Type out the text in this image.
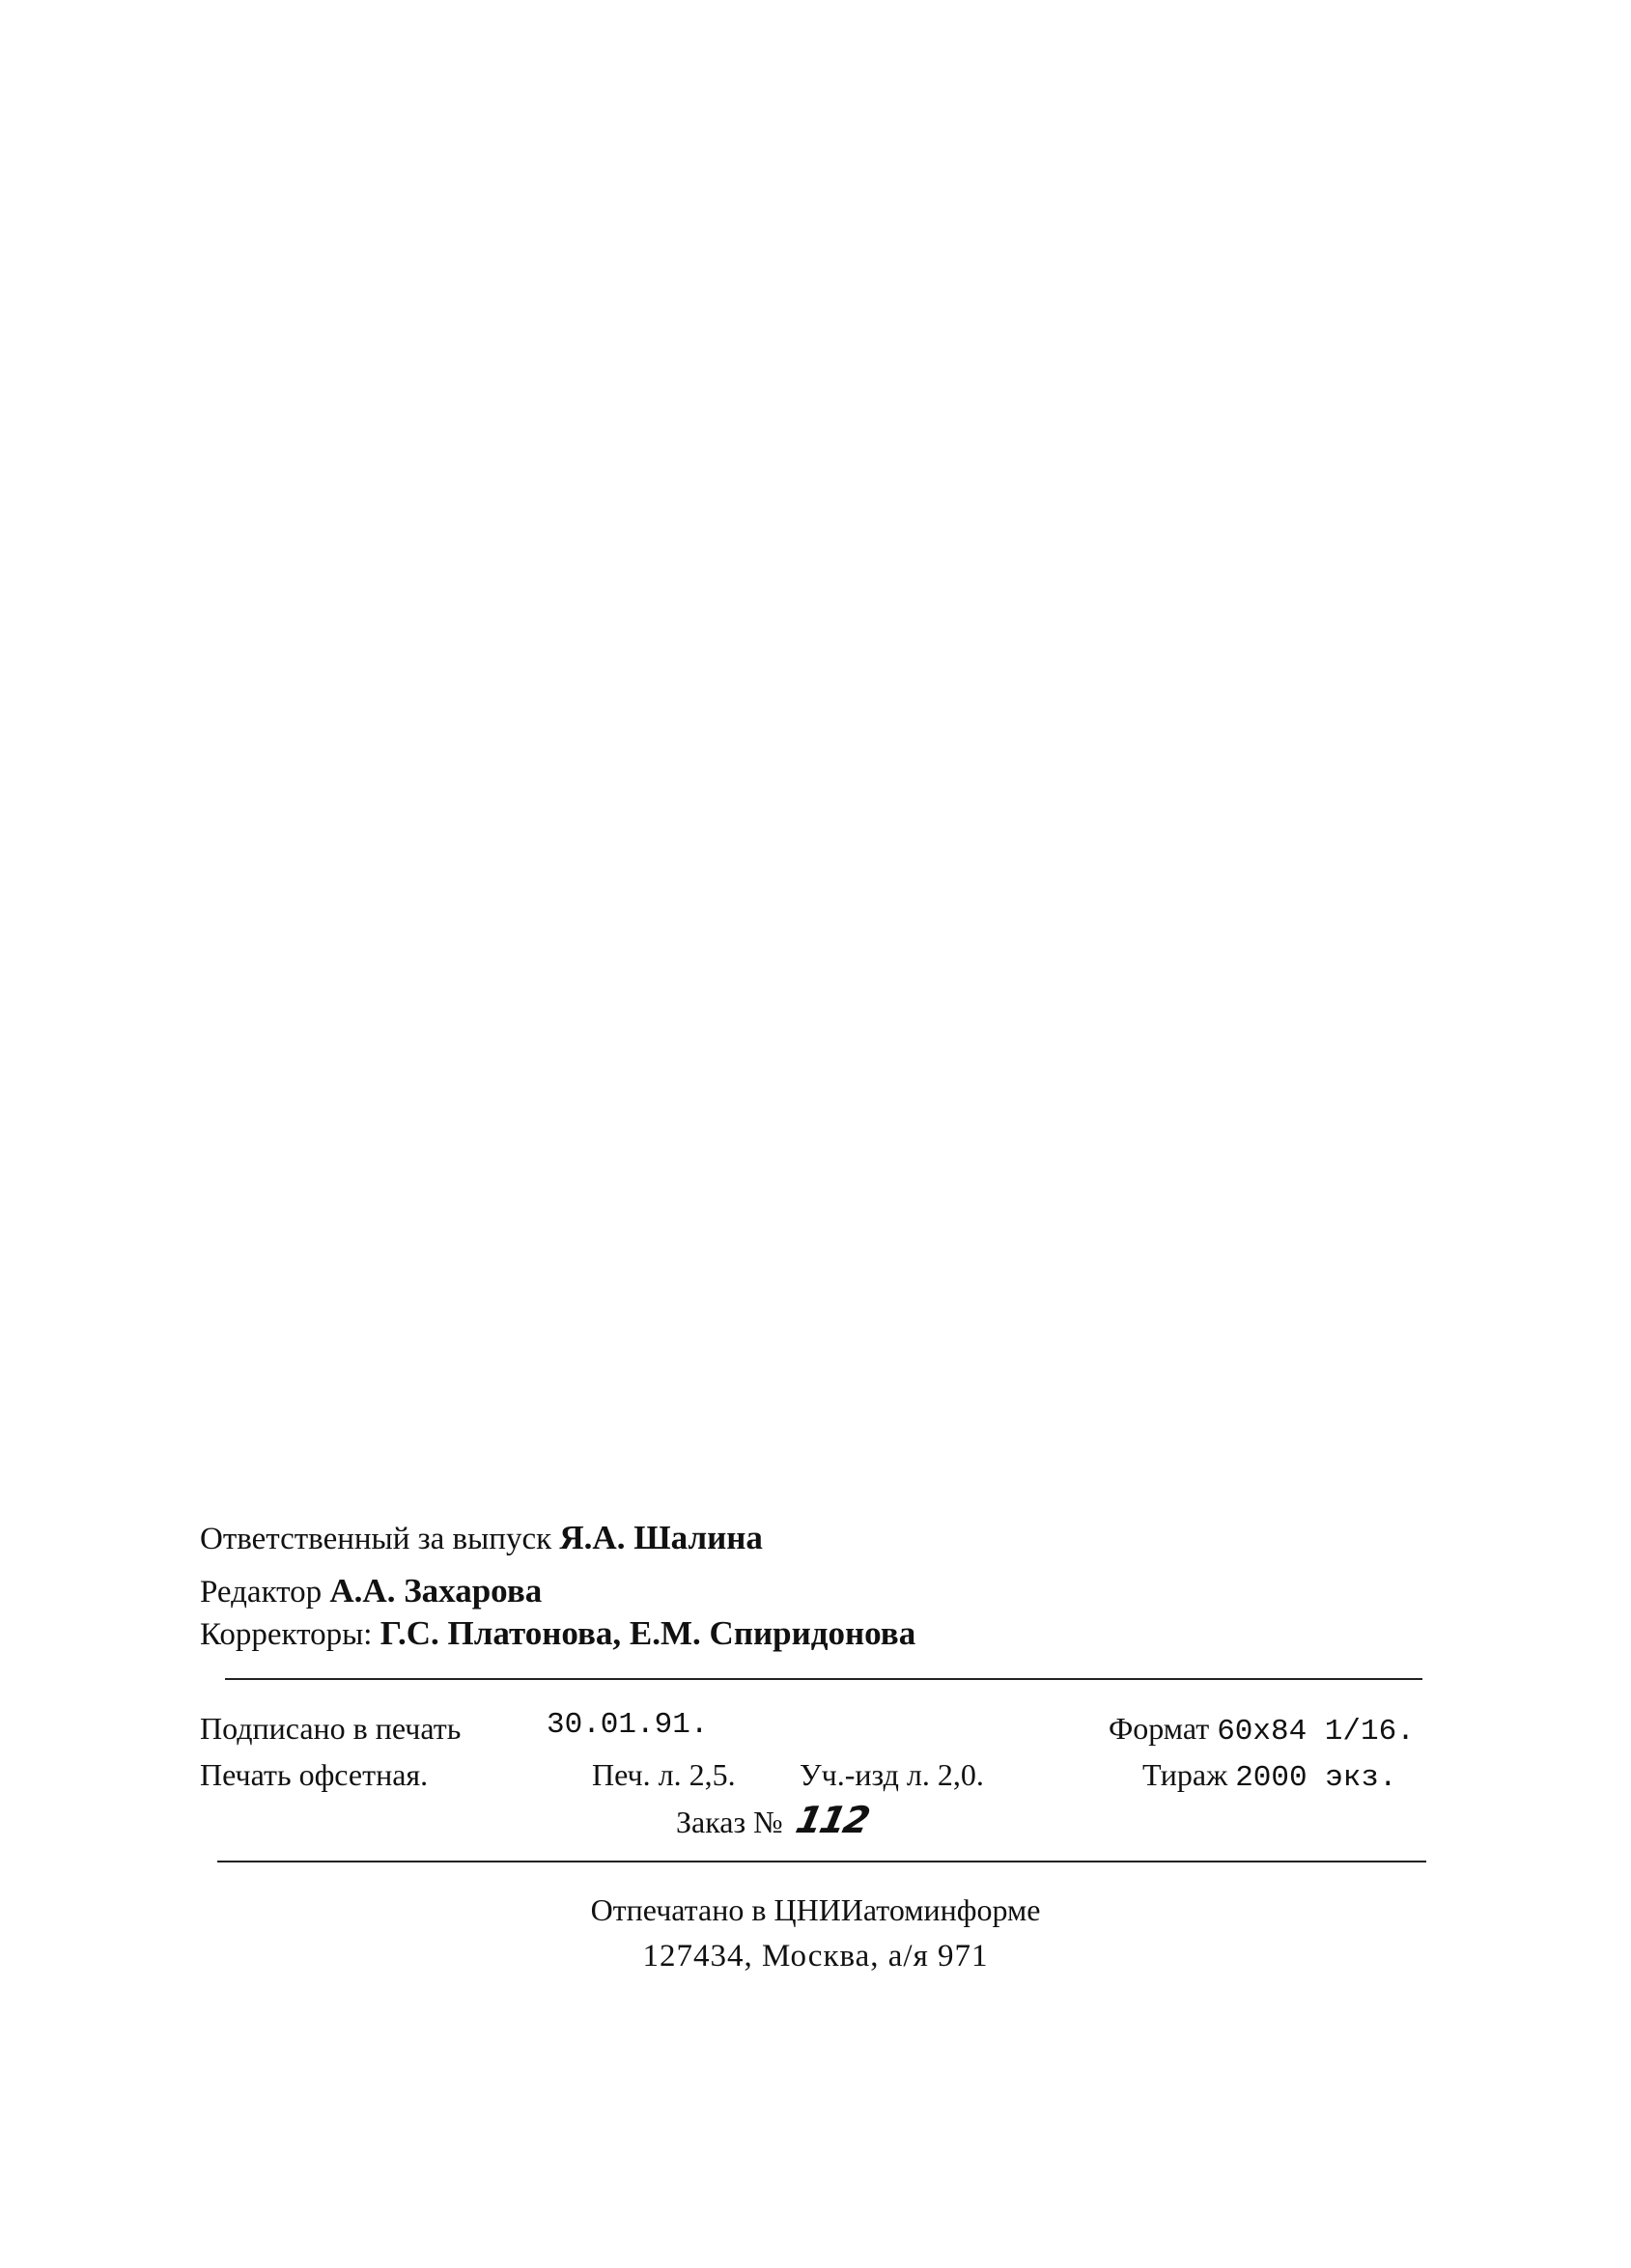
Ответственный за выпуск Я.А. Шалина
Редактор А.А. Захарова
Корректоры: Г.С. Платонова, Е.М. Спиридонова
Подписано в печать	30.01.91.	Формат 60х84 1/16.
Печать офсетная.	Печ. л. 2,5. Уч.-изд л. 2,0.	Тираж 2000 экз.
Заказ № 112
Отпечатано в ЦНИИатоминформе
127434, Москва, а/я 971
